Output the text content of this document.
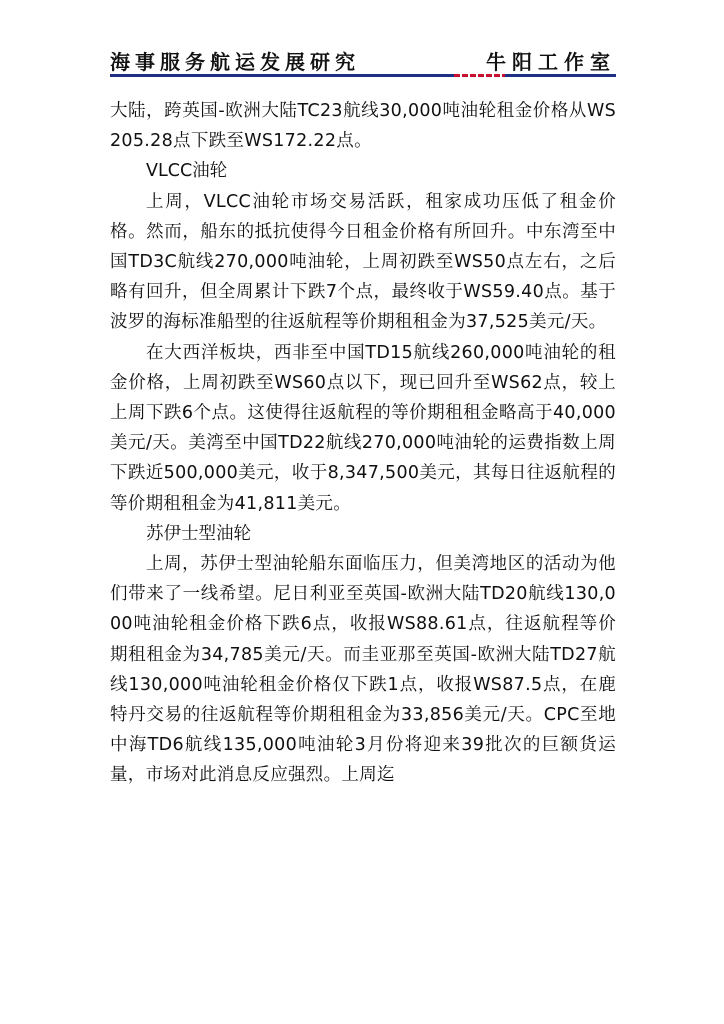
海事服务航运发展研究	牛阳工作室

大陆，跨英国-欧洲大陆TC23航线30,000吨油轮租金价格从WS205.28点下跌至WS172.22点。

VLCC油轮

上周，VLCC油轮市场交易活跃，租家成功压低了租金价格。然而，船东的抵抗使得今日租金价格有所回升。中东湾至中国TD3C航线270,000吨油轮，上周初跌至WS50点左右，之后略有回升，但全周累计下跌7个点，最终收于WS59.40点。基于波罗的海标准船型的往返航程等价期租租金为37,525美元/天。

在大西洋板块，西非至中国TD15航线260,000吨油轮的租金价格，上周初跌至WS60点以下，现已回升至WS62点，较上上周下跌6个点。这使得往返航程的等价期租租金略高于40,000美元/天。美湾至中国TD22航线270,000吨油轮的运费指数上周下跌近500,000美元，收于8,347,500美元，其每日往返航程的等价期租租金为41,811美元。

苏伊士型油轮

上周，苏伊士型油轮船东面临压力，但美湾地区的活动为他们带来了一线希望。尼日利亚至英国-欧洲大陆TD20航线130,000吨油轮租金价格下跌6点，收报WS88.61点，往返航程等价期租租金为34,785美元/天。而圭亚那至英国-欧洲大陆TD27航线130,000吨油轮租金价格仅下跌1点，收报WS87.5点，在鹿特丹交易的往返航程等价期租租金为33,856美元/天。CPC至地中海TD6航线135,000吨油轮3月份将迎来39批次的巨额货运量，市场对此消息反应强烈。上周迄
